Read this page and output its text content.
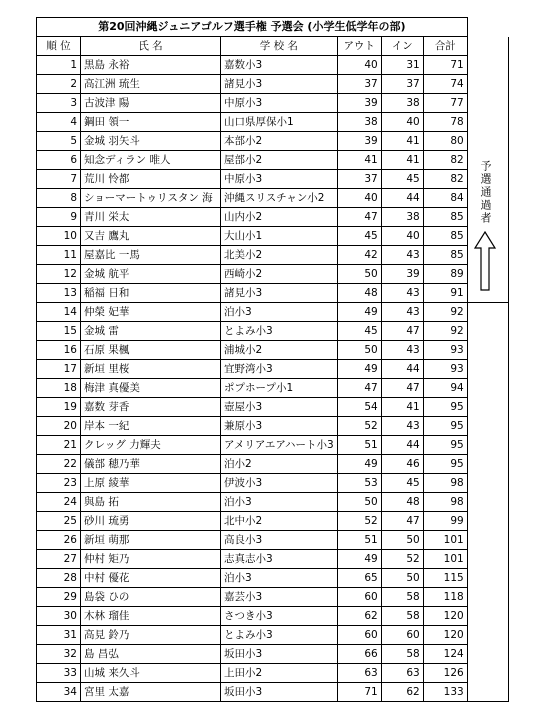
第20回沖縄ジュニアゴルフ選手権 予選会 (小学生低学年の部)						
順 位	氏 名	学 校 名	アウト	イン	合計	
1	黒島 永裕	嘉数小3	40	31	71	
2	高江洲 琉生	諸見小3	37	37	74	
3	古波津 陽	中原小3	39	38	77	
4	鋼田 領一	山口県厚保小1	38	40	78	
5	金城 羽矢斗	本部小2	39	41	80	
6	知念ディラン 唯人	屋部小2	41	41	82	
7	荒川 怜都	中原小3	37	45	82	
8	ショーマートゥリスタン 海	沖縄スリスチャン小2	40	44	84	
9	青川 栄太	山内小2	47	38	85	
10	又吉 鷹丸	大山小1	45	40	85	
11	屋嘉比 一馬	北美小2	42	43	85	
12	金城 航平	西崎小2	50	39	89	
13	稲福 日和	諸見小3	48	43	91	
14	仲榮 妃華	泊小3	49	43	92	
15	金城 雷	とよみ小3	45	47	92	
16	石原 果楓	浦城小2	50	43	93	
17	新垣 里桜	宜野湾小3	49	44	93	
18	梅津 真優美	ポプホープ小1	47	47	94	
19	嘉数 芽香	壺屋小3	54	41	95	
20	岸本 一紀	兼原小3	52	43	95	
21	クレッグ 力輝夫	アメリアエアハート小3	51	44	95	
22	儀部 穂乃華	泊小2	49	46	95	
23	上原 綾華	伊波小3	53	45	98	
24	與島 拓	泊小3	50	48	98	
25	砂川 琉勇	北中小2	52	47	99	
26	新垣 萌那	高良小3	51	50	101	
27	仲村 矩乃	志真志小3	49	52	101	
28	中村 優花	泊小3	65	50	115	
29	島袋 ひの	嘉芸小3	60	58	118	
30	木林 瑠佳	さつき小3	62	58	120	
31	高見 鈴乃	とよみ小3	60	60	120	
32	島 昌弘	坂田小3	66	58	124	
33	山城 来久斗	上田小2	63	63	126	
34	宮里 太嘉	坂田小3	71	62	133	
予選通過者
